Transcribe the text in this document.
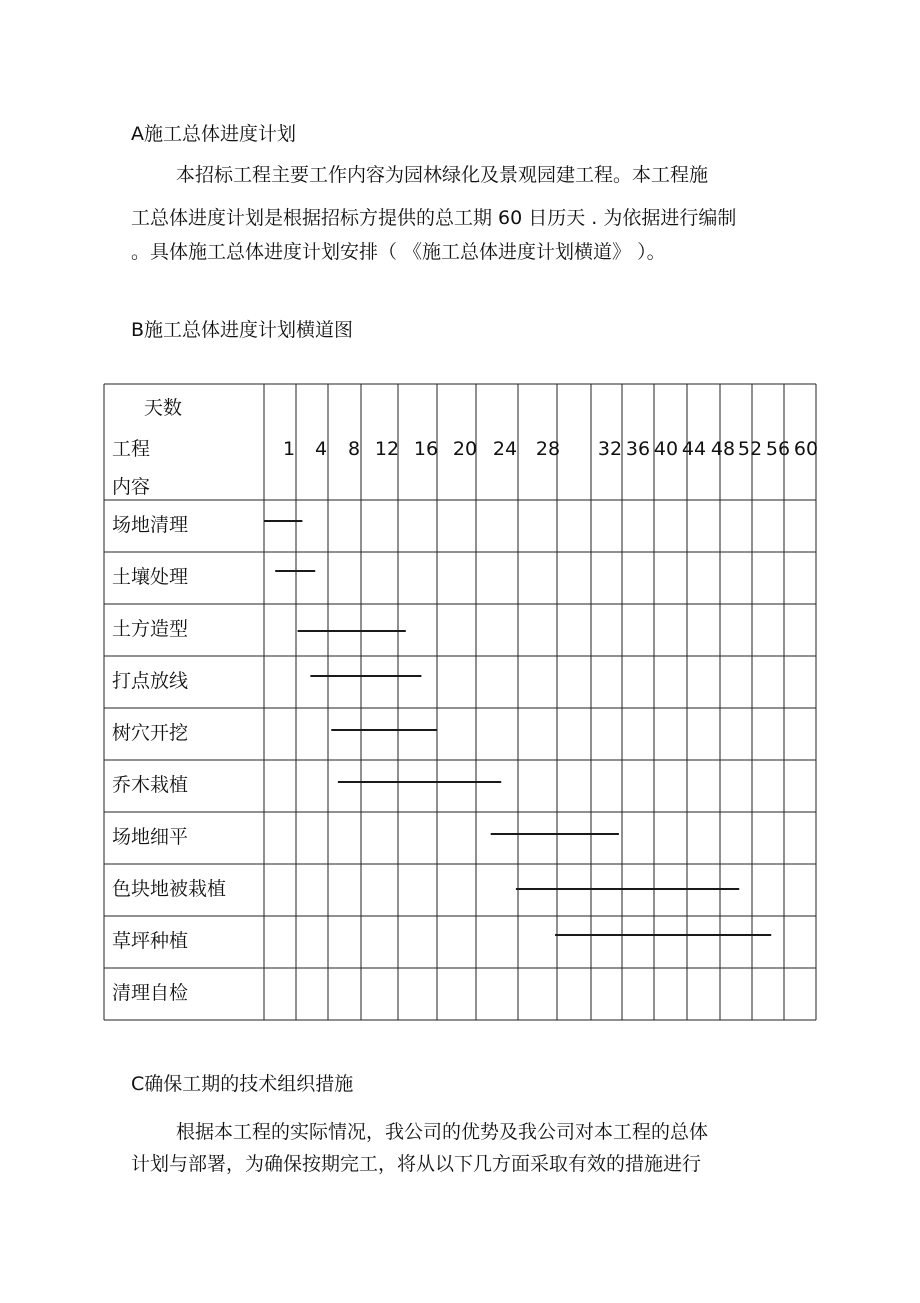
A施工总体进度计划
本招标工程主要工作内容为园林绿化及景观园建工程。本工程施
工总体进度计划是根据招标方提供的总工期 60 日历天 . 为依据进行编制
。具体施工总体进度计划安排（ 《施工总体进度计划横道》 ）。
B施工总体进度计划横道图
天数
工程
内容
1 4 8 12 16 20 24 28 32 36 40 44 48 52 56 60
场地清理
土壤处理
土方造型
打点放线
树穴开挖
乔木栽植
场地细平
色块地被栽植
草坪种植
清理自检
C确保工期的技术组织措施
根据本工程的实际情况，我公司的优势及我公司对本工程的总体
计划与部署，为确保按期完工，将从以下几方面采取有效的措施进行
